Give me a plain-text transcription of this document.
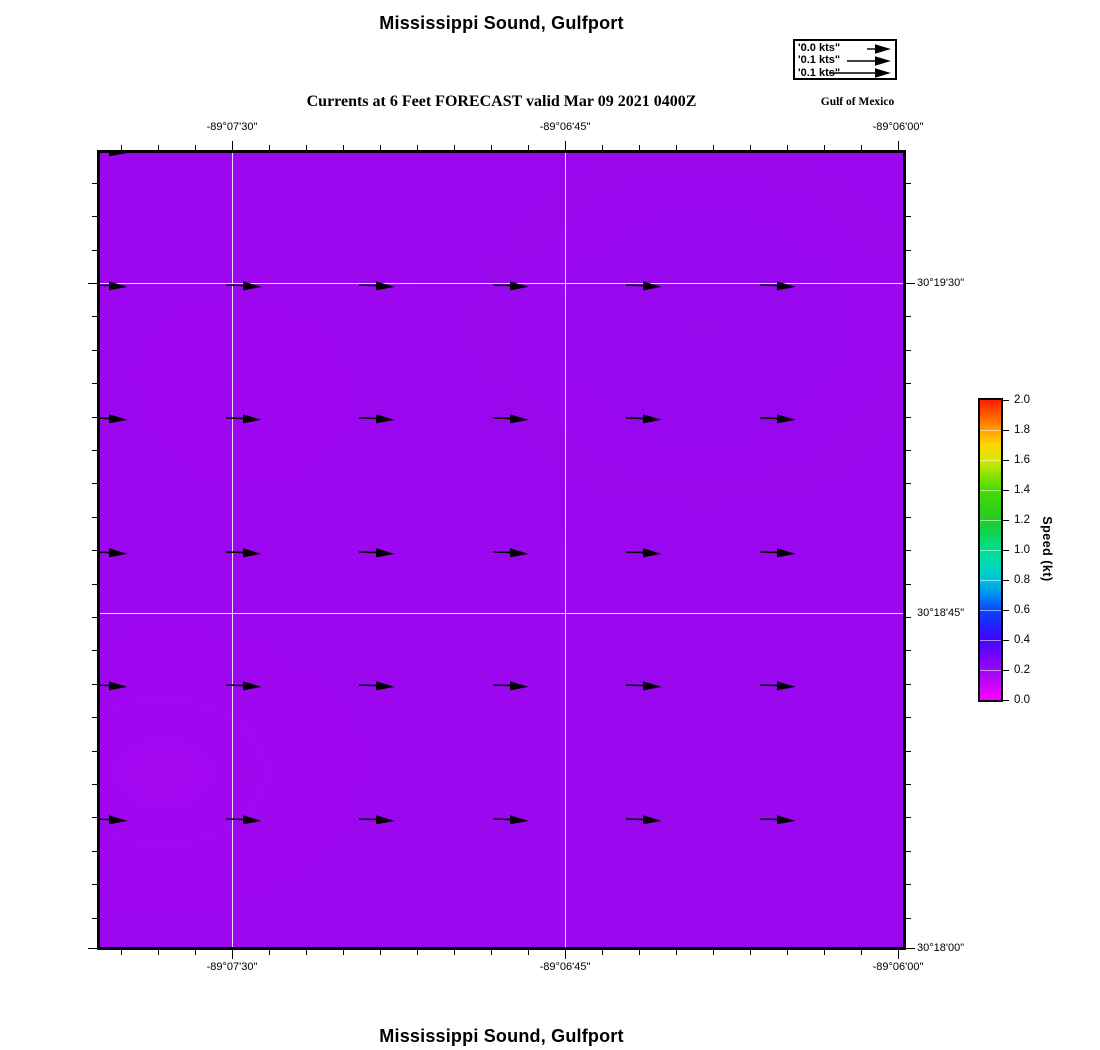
Mississippi Sound, Gulfport
'0.0 kts"
'0.1 kts"
'0.1 kts"
Currents at 6 Feet FORECAST valid Mar 09 2021 0400Z	Gulf of Mexico
-89°07'30"	-89°06'45"	-89°06'00"
-89°07'30"	-89°06'45"	-89°06'00"
30°19'30"
30°18'45"
30°18'00"
2.0
1.8
1.6
1.4
1.2
1.0
0.8
0.6
0.4
0.2
0.0
Speed (kt)
Mississippi Sound, Gulfport
